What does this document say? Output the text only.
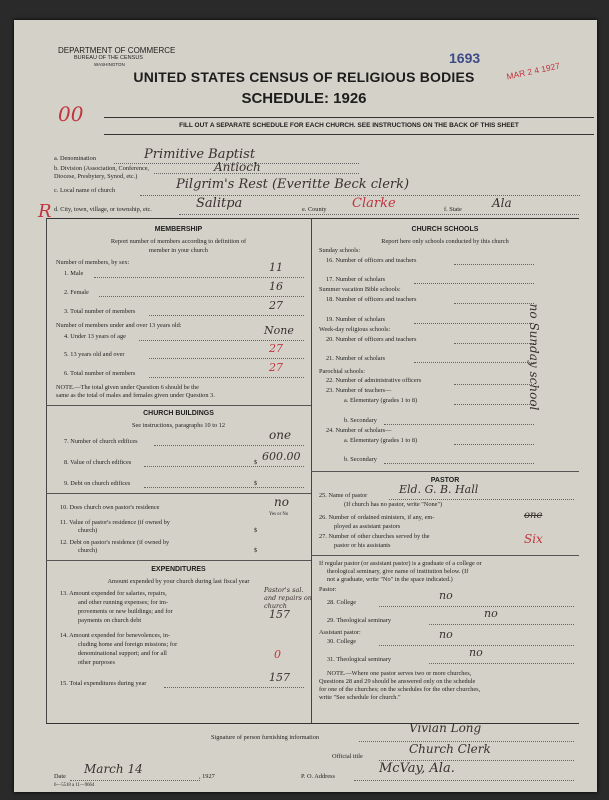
DEPARTMENT OF COMMERCE
BUREAU OF THE CENSUS
WASHINGTON	1693
MAR 2 4 1927
UNITED STATES CENSUS OF RELIGIOUS BODIES
SCHEDULE: 1926
00	FILL OUT A SEPARATE SCHEDULE FOR EACH CHURCH. SEE INSTRUCTIONS ON THE BACK OF THIS SHEET
a. Denomination	Primitive Baptist
b. Division (Association, Conference, Diocese, Presbytery, Synod, etc.)
Antioch
c. Local name of church	Pilgrim's Rest (Everitte Beck clerk)
R d. City, town, village, or township, etc.	Salitpa	e. County Clarke	f. State	Ala
MEMBERSHIP
Report number of members according to definition of
member in your church
Number of members, by sex:
1. Male	11
2. Female	16
3. Total number of members	27
Number of members under and over 13 years old:
4. Under 13 years of age	None
5. 13 years old and over	27
6. Total number of members	27
NOTE.—The total given under Question 6 should be the
same as the total of males and females given under Question 3.
CHURCH BUILDINGS
See instructions, paragraphs 10 to 12
7. Number of church edifices	one
8. Value of church edifices	$ 600.00
9. Debt on church edifices	$
10. Does church own pastor's residence	no
Yes or No
11. Value of pastor's residence (if owned by
church)	$
12. Debt on pastor's residence (if owned by
church)	$
EXPENDITURES
Amount expended by your church during last fiscal year
13. Amount expended for salaries, repairs,
and other running expenses; for im-
provements or new buildings; and for
payments on church debt
Pastor's sal. and repairs on church
157
14. Amount expended for benevolences, in-
cluding home and foreign missions; for
denominational support; and for all
other purposes
0
15. Total expenditures during year	157
CHURCH SCHOOLS
Report here only schools conducted by this church
Sunday schools:
16. Number of officers and teachers
17. Number of scholars
Summer vacation Bible schools:
18. Number of officers and teachers
19. Number of scholars
Week-day religious schools:
20. Number of officers and teachers
21. Number of scholars
Parochial schools:
22. Number of administrative officers
23. Number of teachers—
a. Elementary (grades 1 to 8)
b. Secondary
24. Number of scholars—
a. Elementary (grades 1 to 8)
b. Secondary
no Sunday school
PASTOR
25. Name of pastor	Eld. G. B. Hall
(If church has no pastor, write "None")
26. Number of ordained ministers, if any, em-
ployed as assistant pastors
one
27. Number of other churches served by the
pastor or his assistants	Six
If regular pastor (or assistant pastor) is a graduate of a college or
theological seminary, give name of institution below. (If
not a graduate, write "No" in the space indicated.)
Pastor:
28. College
no
29. Theological seminary
no
Assistant pastor:
30. College
no
31. Theological seminary
no
NOTE.—Where one pastor serves two or more churches,
Questions 28 and 29 should be answered only on the schedule
for one of the churches; on the schedules for the other churches,
write "See schedule for church."
Signature of person furnishing information
Vivian Long
Official title
Church Clerk
Date
March 14
, 1927	P. O. Address
McVay, Ala.
6—5518 a 11—9664
